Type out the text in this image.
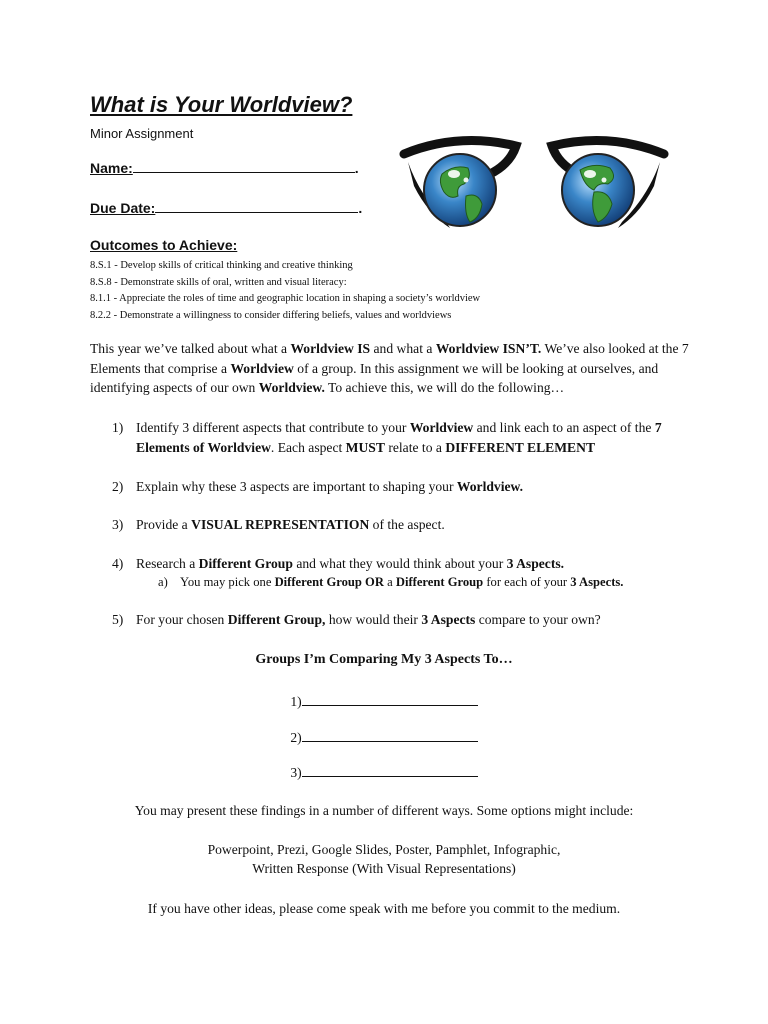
What is Your Worldview?
Minor Assignment
Name:	.
Due Date:	.
Outcomes to Achieve:
8.S.1 - Develop skills of critical thinking and creative thinking
8.S.8 - Demonstrate skills of oral, written and visual literacy:
8.1.1 - Appreciate the roles of time and geographic location in shaping a society’s worldview
8.2.2 - Demonstrate a willingness to consider differing beliefs, values and worldviews

This year we’ve talked about what a Worldview IS and what a Worldview ISN’T. We’ve also looked at the 7 Elements that comprise a Worldview of a group. In this assignment we will be looking at ourselves, and identifying aspects of our own Worldview. To achieve this, we will do the following…

1) Identify 3 different aspects that contribute to your Worldview and link each to an aspect of the 7 Elements of Worldview. Each aspect MUST relate to a DIFFERENT ELEMENT
2) Explain why these 3 aspects are important to shaping your Worldview.
3) Provide a VISUAL REPRESENTATION of the aspect.
4) Research a Different Group and what they would think about your 3 Aspects.
a) You may pick one Different Group OR a Different Group for each of your 3 Aspects.
5) For your chosen Different Group, how would their 3 Aspects compare to your own?
Groups I’m Comparing My 3 Aspects To…
1)
2)
3)
You may present these findings in a number of different ways. Some options might include:
Powerpoint, Prezi, Google Slides, Poster, Pamphlet, Infographic,
Written Response (With Visual Representations)
If you have other ideas, please come speak with me before you commit to the medium.
